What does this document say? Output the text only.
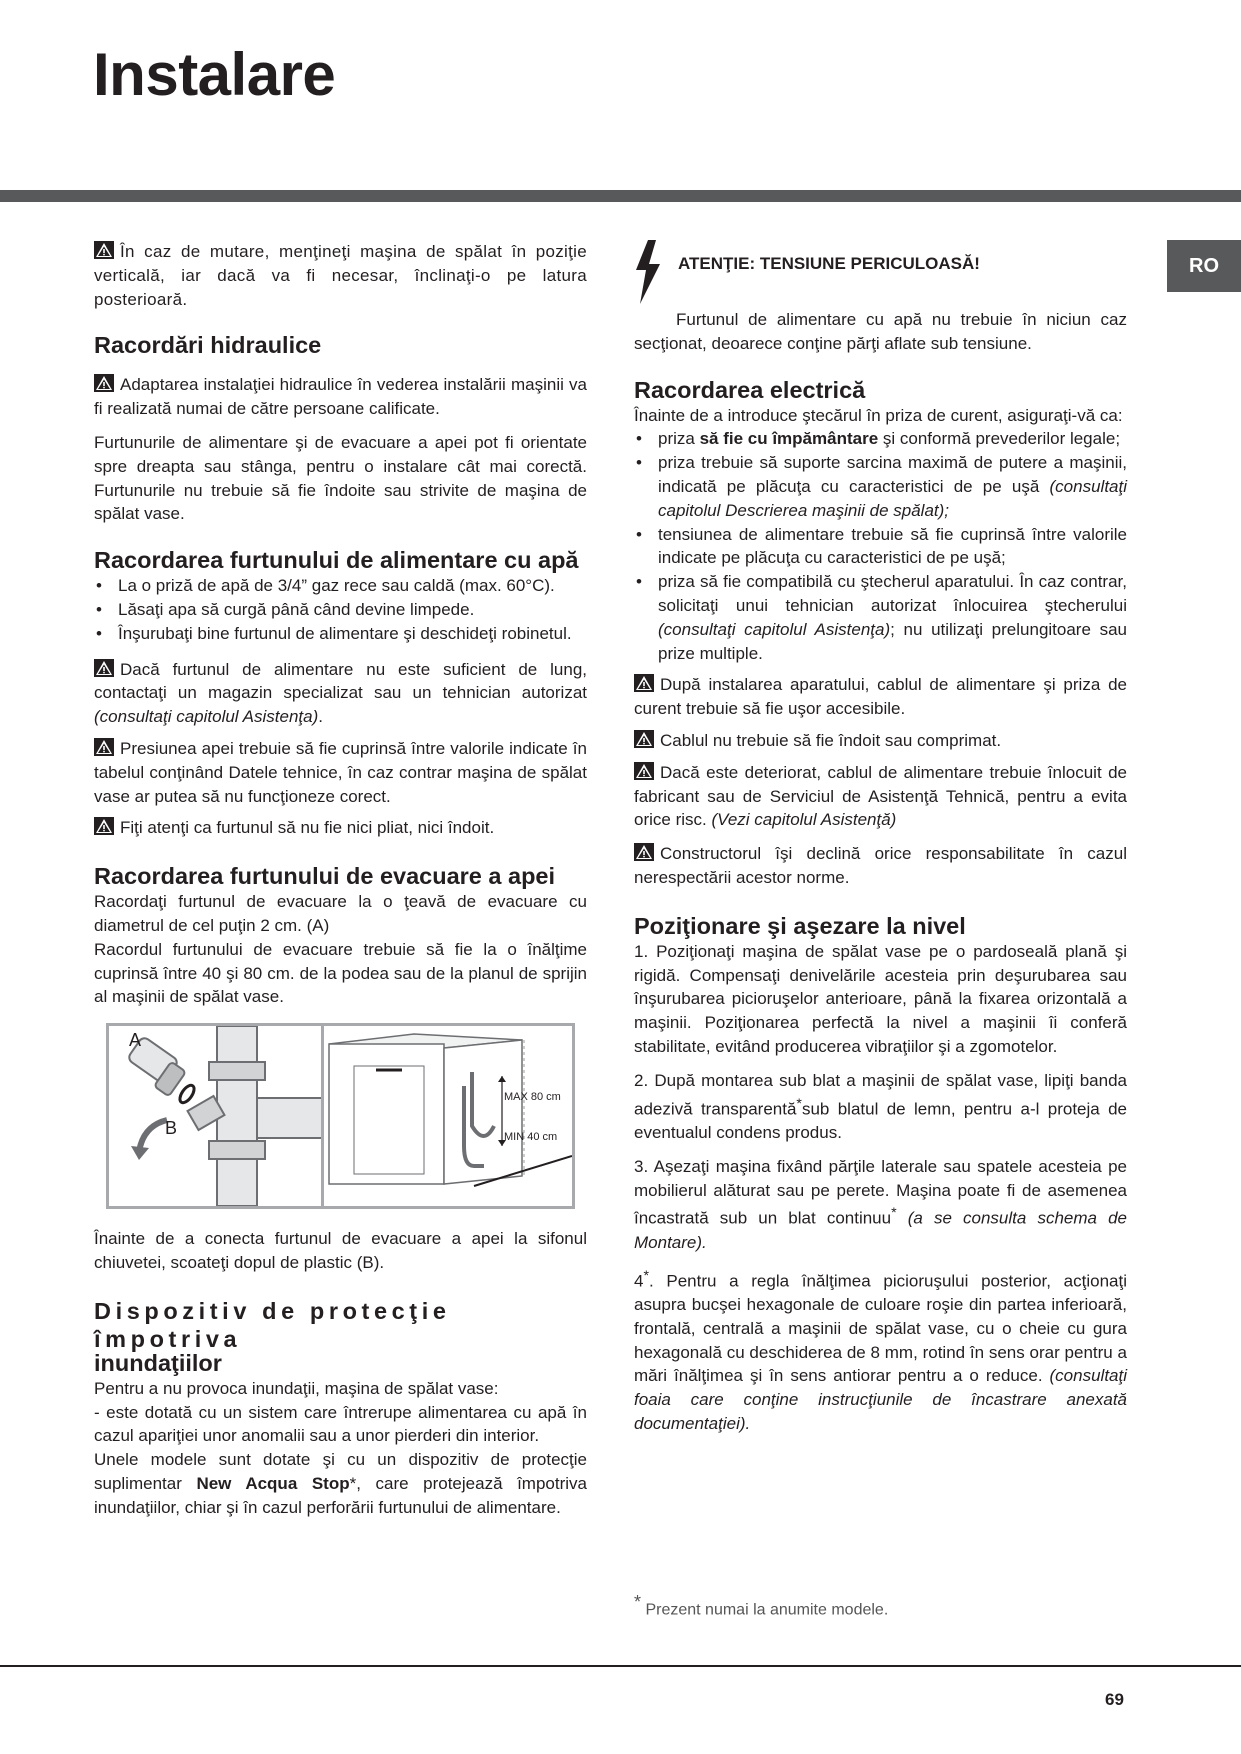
Instalare
RO

În caz de mutare, menţineţi maşina de spălat în poziţie verticală, iar dacă va fi necesar, înclinaţi-o pe latura posterioară.

Racordări hidraulice

Adaptarea instalaţiei hidraulice în vederea instalării maşinii va fi realizată numai de către persoane calificate.

Furtunurile de alimentare şi de evacuare a apei pot fi orientate spre dreapta sau stânga, pentru o instalare cât mai corectă. Furtunurile nu trebuie să fie îndoite sau strivite de maşina de spălat vase.

Racordarea furtunului de alimentare cu apă
• La o priză de apă de 3/4” gaz rece sau caldă (max. 60°C).
• Lăsaţi apa să curgă până când devine limpede.
• Înşurubaţi bine furtunul de alimentare şi deschideţi robinetul.

Dacă furtunul de alimentare nu este suficient de lung, contactaţi un magazin specializat sau un tehnician autorizat (consultaţi capitolul Asistenţa).

Presiunea apei trebuie să fie cuprinsă între valorile indicate în tabelul conţinând Datele tehnice, în caz contrar maşina de spălat vase ar putea să nu funcţioneze corect.

Fiţi atenţi ca furtunul să nu fie nici pliat, nici îndoit.

Racordarea furtunului de evacuare a apei

Racordaţi furtunul de evacuare la o ţeavă de evacuare cu diametrul de cel puţin 2 cm. (A)

Racordul furtunului de evacuare trebuie să fie la o înălţime cuprinsă între 40 şi 80 cm. de la podea sau de la planul de sprijin al maşinii de spălat vase.

A
B
MAX 80 cm
MIN 40 cm

Înainte de a conecta furtunul de evacuare a apei la sifonul chiuvetei, scoateţi dopul de plastic (B).

Dispozitiv de protecţie împotriva
inundaţiilor

Pentru a nu provoca inundaţii, maşina de spălat vase:

- este dotată cu un sistem care întrerupe alimentarea cu apă în cazul apariţiei unor anomalii sau a unor pierderi din interior.

Unele modele sunt dotate şi cu un dispozitiv de protecţie suplimentar New Acqua Stop*, care protejează împotriva inundaţiilor, chiar şi în cazul perforării furtunului de alimentare.

ATENŢIE: TENSIUNE PERICULOASĂ!

Furtunul de alimentare cu apă nu trebuie în niciun caz secţionat, deoarece conţine părţi aflate sub tensiune.

Racordarea electrică

Înainte de a introduce ştecărul în priza de curent, asiguraţi-vă ca:

• priza să fie cu împământare şi conformă prevederilor legale;
• priza trebuie să suporte sarcina maximă de putere a maşinii, indicată pe plăcuţa cu caracteristici de pe uşă (consultaţi capitolul Descrierea maşinii de spălat);
• tensiunea de alimentare trebuie să fie cuprinsă între valorile indicate pe plăcuţa cu caracteristici de pe uşă;
• priza să fie compatibilă cu ştecherul aparatului. În caz contrar, solicitaţi unui tehnician autorizat înlocuirea ştecherului (consultaţi capitolul Asistenţa); nu utilizaţi prelungitoare sau prize multiple.

După instalarea aparatului, cablul de alimentare şi priza de curent trebuie să fie uşor accesibile.

Cablul nu trebuie să fie îndoit sau comprimat.

Dacă este deteriorat, cablul de alimentare trebuie înlocuit de fabricant sau de Serviciul de Asistenţă Tehnică, pentru a evita orice risc. (Vezi capitolul Asistenţă)

Constructorul îşi declină orice responsabilitate în cazul nerespectării acestor norme.

Poziţionare şi aşezare la nivel

1. Poziţionaţi maşina de spălat vase pe o pardoseală plană şi rigidă. Compensaţi denivelările acesteia prin deşurubarea sau înşurubarea picioruşelor anterioare, până la fixarea orizontală a maşinii. Poziţionarea perfectă la nivel a maşinii îi conferă stabilitate, evitând producerea vibraţiilor şi a zgomotelor.

2. După montarea sub blat a maşinii de spălat vase, lipiţi banda adezivă transparentă*sub blatul de lemn, pentru a-l proteja de eventualul condens produs.

3. Aşezaţi maşina fixând părţile laterale sau spatele acesteia pe mobilierul alăturat sau pe perete. Maşina poate fi de asemenea încastrată sub un blat continuu* (a se consulta schema de Montare).

4*. Pentru a regla înălţimea picioruşului posterior, acţionaţi asupra bucşei hexagonale de culoare roşie din partea inferioară, frontală, centrală a maşinii de spălat vase, cu o cheie cu gura hexagonală cu deschiderea de 8 mm, rotind în sens orar pentru a mări înălţimea şi în sens antiorar pentru a o reduce. (consultaţi foaia care conţine instrucţiunile de încastrare anexată documentaţiei).

* Prezent numai la anumite modele.
69
